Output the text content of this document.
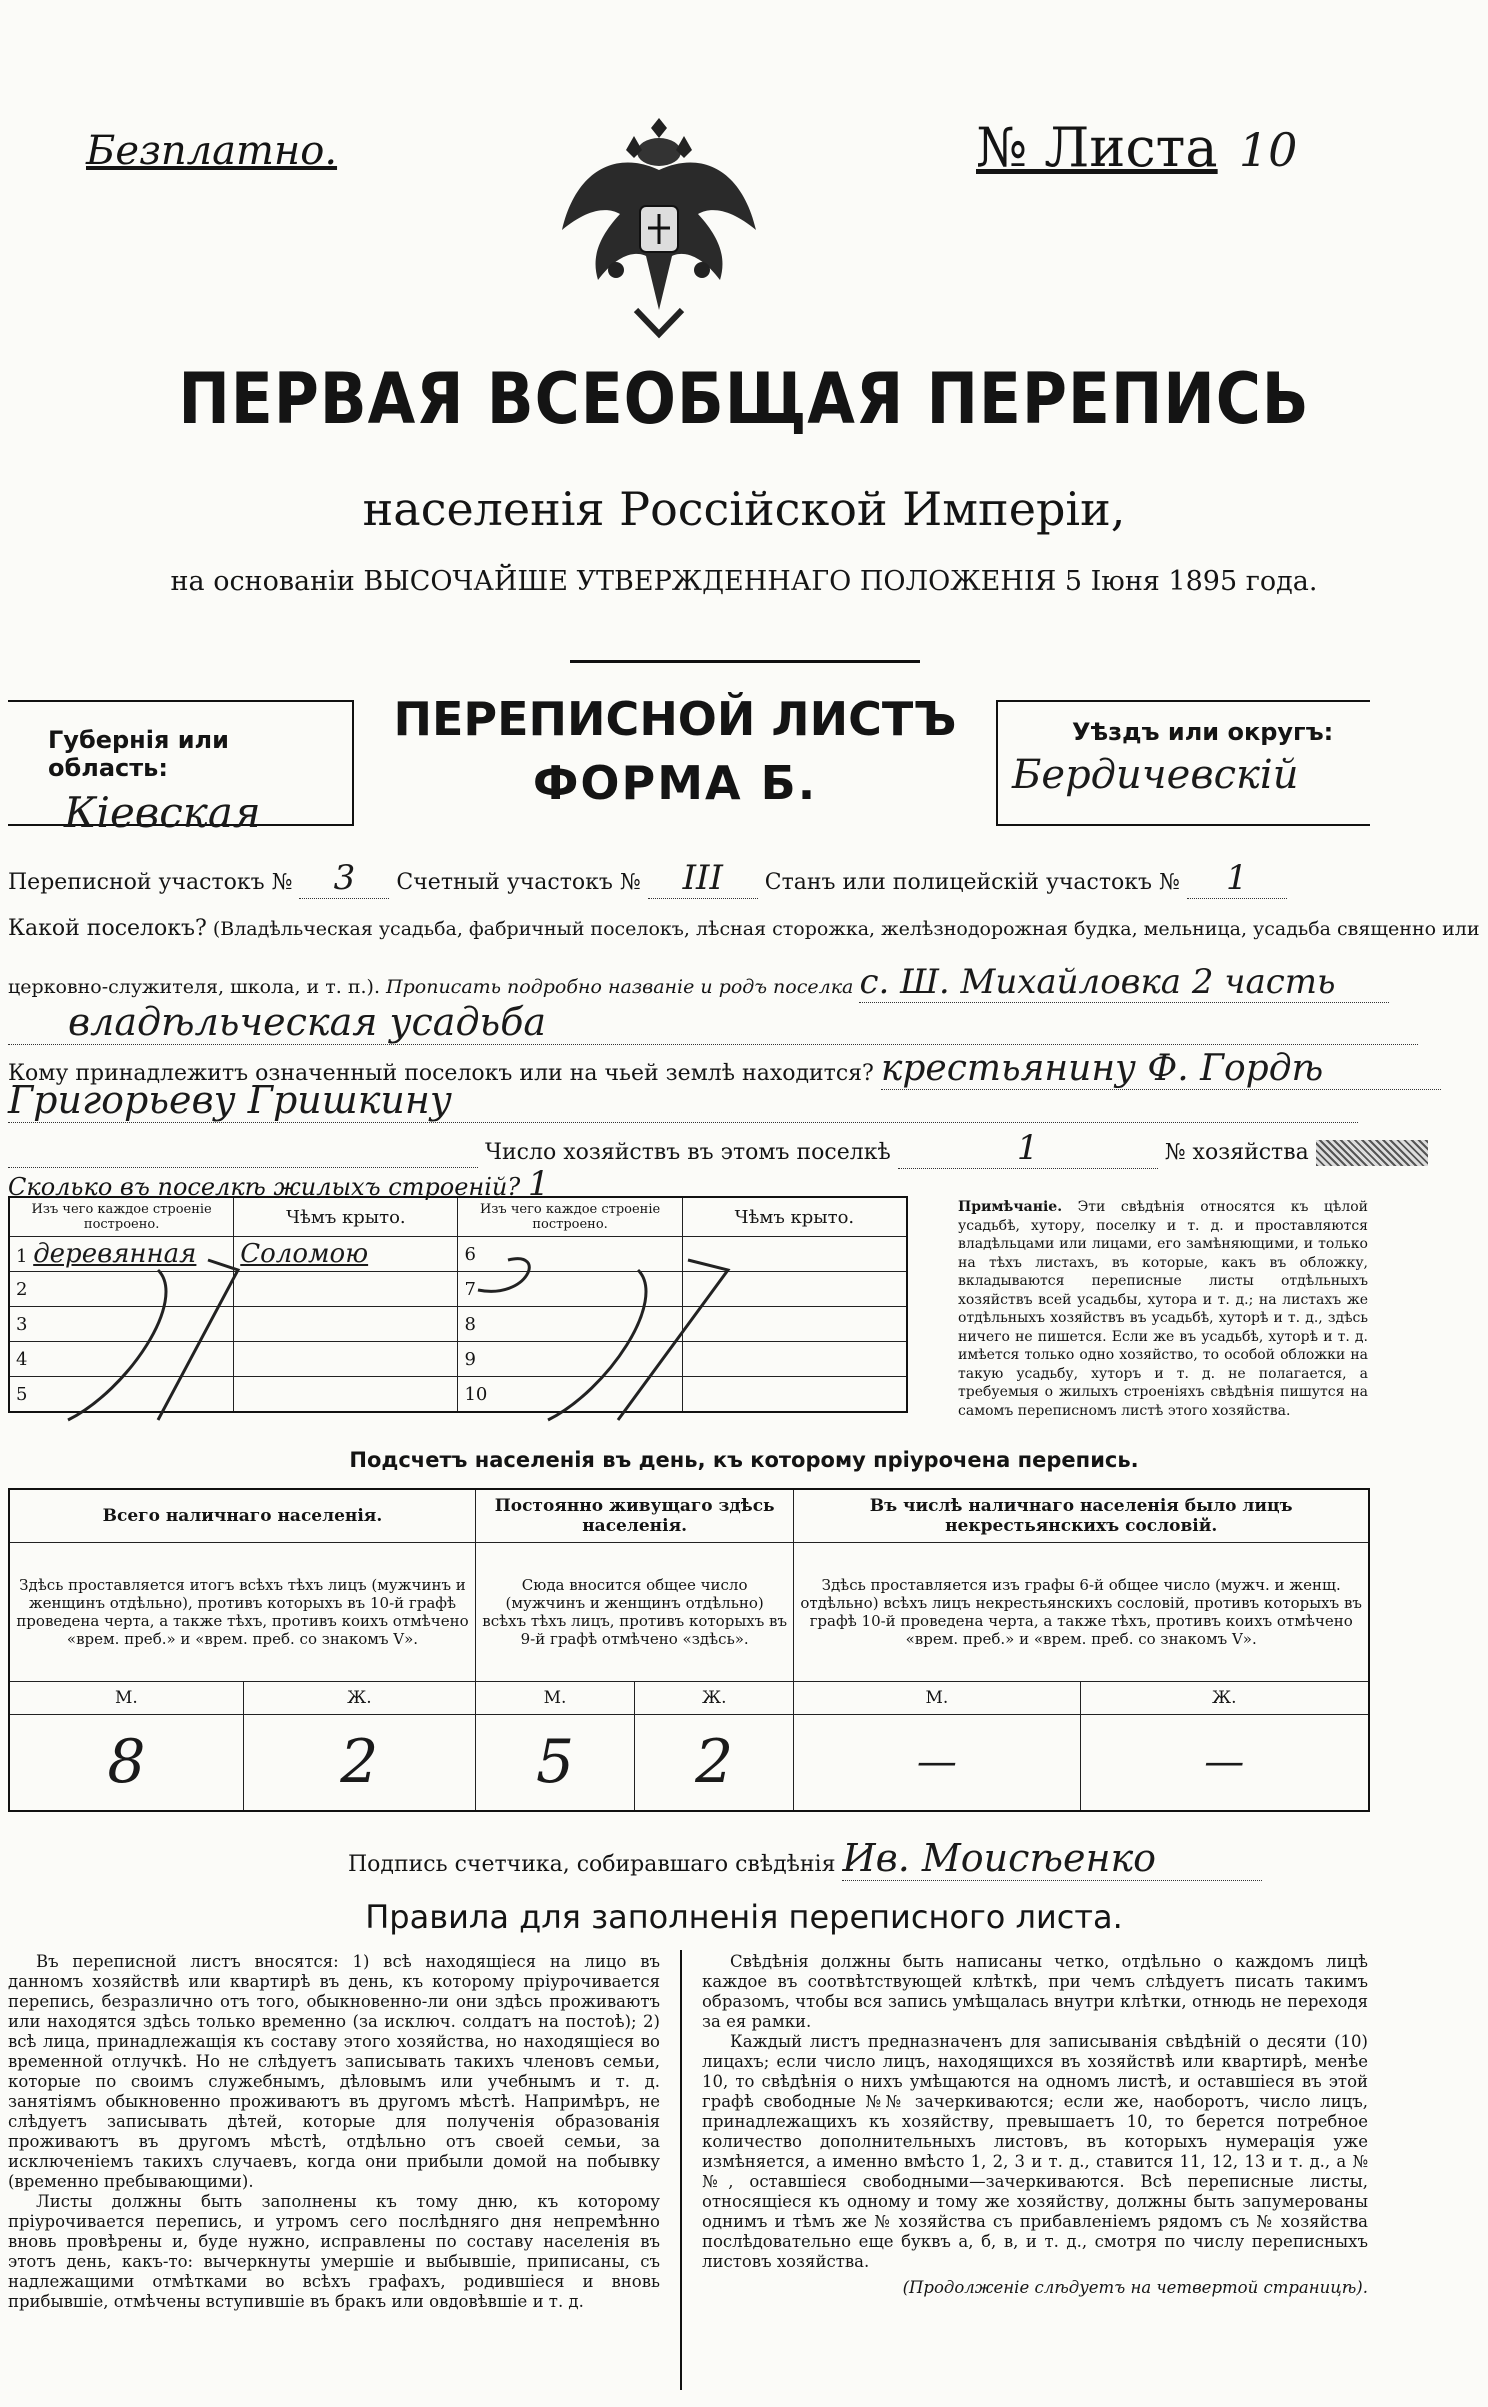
Безплатно.	№ Листа 10
ПЕРВАЯ ВСЕОБЩАЯ ПЕРЕПИСЬ
населенія Россійской Имперіи,
на основаніи ВЫСОЧАЙШЕ УТВЕРЖДЕННАГО ПОЛОЖЕНІЯ 5 Іюня 1895 года.
Губернія или область:
Кіевская
ПЕРЕПИСНОЙ ЛИСТЪ
ФОРМА Б.
Уѣздъ или округъ:
Бердичевскій
Переписной участокъ № 3 Счетный участокъ № III Станъ или полицейскій участокъ № 1
Какой поселокъ? (Владѣльческая усадьба, фабричный поселокъ, лѣсная сторожка, желѣзнодорожная будка, мельница, усадьба священно или
церковно-служителя, школа, и т. п.). Прописать подробно названіе и родъ поселка с. Ш. Михайловка 2 часть
владѣльческая усадьба
Кому принадлежитъ означенный поселокъ или на чьей землѣ находится? крестьянину Ф. Гордѣ
Григорьеву Гришкину
Число хозяйствъ въ этомъ поселкѣ	1	№ хозяйства
Сколько въ поселкѣ жилыхъ строеній? 1
Изъ чего каждое строеніе построено.	Чѣмъ крыто.	Изъ чего каждое строеніе построено.	Чѣмъ крыто.
1 деревянная	Соломою	6	
2		7	
3		8	
4		9	
5		10	
Примѣчаніе. Эти свѣдѣнія относятся къ цѣлой усадьбѣ, хутору, поселку и т. д. и проставляются владѣльцами или лицами, его замѣняющими, и только на тѣхъ листахъ, въ которые, какъ въ обложку, вкладываются переписные листы отдѣльныхъ хозяйствъ всей усадьбы, хутора и т. д.; на листахъ же отдѣльныхъ хозяйствъ въ усадьбѣ, хуторѣ и т. д., здѣсь ничего не пишется. Если же въ усадьбѣ, хуторѣ и т. д. имѣется только одно хозяйство, то особой обложки на такую усадьбу, хуторъ и т. д. не полагается, а требуемыя о жилыхъ строеніяхъ свѣдѣнія пишутся на самомъ переписномъ листѣ этого хозяйства.
Подсчетъ населенія въ день, къ которому пріурочена перепись.
Всего наличнаго населенія.		Постоянно живущаго здѣсь населенія.		Въ числѣ наличнаго населенія было лицъ некрестьянскихъ сословій.	
Здѣсь проставляется итогъ всѣхъ тѣхъ лицъ (мужчинъ и женщинъ отдѣльно), противъ которыхъ въ 10-й графѣ проведена черта, а также тѣхъ, противъ коихъ отмѣчено «врем. преб.» и «врем. преб. со знакомъ V».		Сюда вносится общее число (мужчинъ и женщинъ отдѣльно) всѣхъ тѣхъ лицъ, противъ которыхъ въ 9-й графѣ отмѣчено «здѣсь».		Здѣсь проставляется изъ графы 6-й общее число (мужч. и женщ. отдѣльно) всѣхъ лицъ некрестьянскихъ сословій, противъ которыхъ въ графѣ 10-й проведена черта, а также тѣхъ, противъ коихъ отмѣчено «врем. преб.» и «врем. преб. со знакомъ V».	
М.	Ж.	М.	Ж.	М.	Ж.
8	2	5	2	—	—
Подпись счетчика, собиравшаго свѣдѣнія Ив. Моисѣенко
Правила для заполненія переписного листа.

Въ переписной листъ вносятся: 1) всѣ находящіеся на лицо въ данномъ хозяйствѣ или квартирѣ въ день, къ которому пріурочивается перепись, безразлично отъ того, обыкновенно-ли они здѣсь проживаютъ или находятся здѣсь только временно (за исключ. солдатъ на постоѣ); 2) всѣ лица, принадлежащія къ составу этого хозяйства, но находящіеся во временной отлучкѣ. Но не слѣдуетъ записывать такихъ членовъ семьи, которые по своимъ служебнымъ, дѣловымъ или учебнымъ и т. д. занятіямъ обыкновенно проживаютъ въ другомъ мѣстѣ. Напримѣръ, не слѣдуетъ записывать дѣтей, которые для полученія образованія проживаютъ въ другомъ мѣстѣ, отдѣльно отъ своей семьи, за исключеніемъ такихъ случаевъ, когда они прибыли домой на побывку (временно пребывающими).

Листы должны быть заполнены къ тому дню, къ которому пріурочивается перепись, и утромъ сего послѣдняго дня непремѣнно вновь провѣрены и, буде нужно, исправлены по составу населенія въ этотъ день, какъ-то: вычеркнуты умершіе и выбывшіе, приписаны, съ надлежащими отмѣтками во всѣхъ графахъ, родившіеся и вновь прибывшіе, отмѣчены вступившіе въ бракъ или овдовѣвшіе и т. д.

Свѣдѣнія должны быть написаны четко, отдѣльно о каждомъ лицѣ каждое въ соотвѣтствующей клѣткѣ, при чемъ слѣдуетъ писать такимъ образомъ, чтобы вся запись умѣщалась внутри клѣтки, отнюдь не переходя за ея рамки.

Каждый листъ предназначенъ для записыванія свѣдѣній о десяти (10) лицахъ; если число лицъ, находящихся въ хозяйствѣ или квартирѣ, менѣе 10, то свѣдѣнія о нихъ умѣщаются на одномъ листѣ, и оставшіеся въ этой графѣ свободные №№ зачеркиваются; если же, наоборотъ, число лицъ, принадлежащихъ къ хозяйству, превышаетъ 10, то берется потребное количество дополнительныхъ листовъ, въ которыхъ нумерація уже измѣняется, а именно вмѣсто 1, 2, 3 и т. д., ставится 11, 12, 13 и т. д., а №№, оставшіеся свободными—зачеркиваются. Всѣ переписные листы, относящіеся къ одному и тому же хозяйству, должны быть запумерованы однимъ и тѣмъ же № хозяйства съ прибавленіемъ рядомъ съ № хозяйства послѣдовательно еще буквъ а, б, в, и т. д., смотря по числу переписныхъ листовъ хозяйства.

(Продолженіе слѣдуетъ на четвертой страницѣ).
